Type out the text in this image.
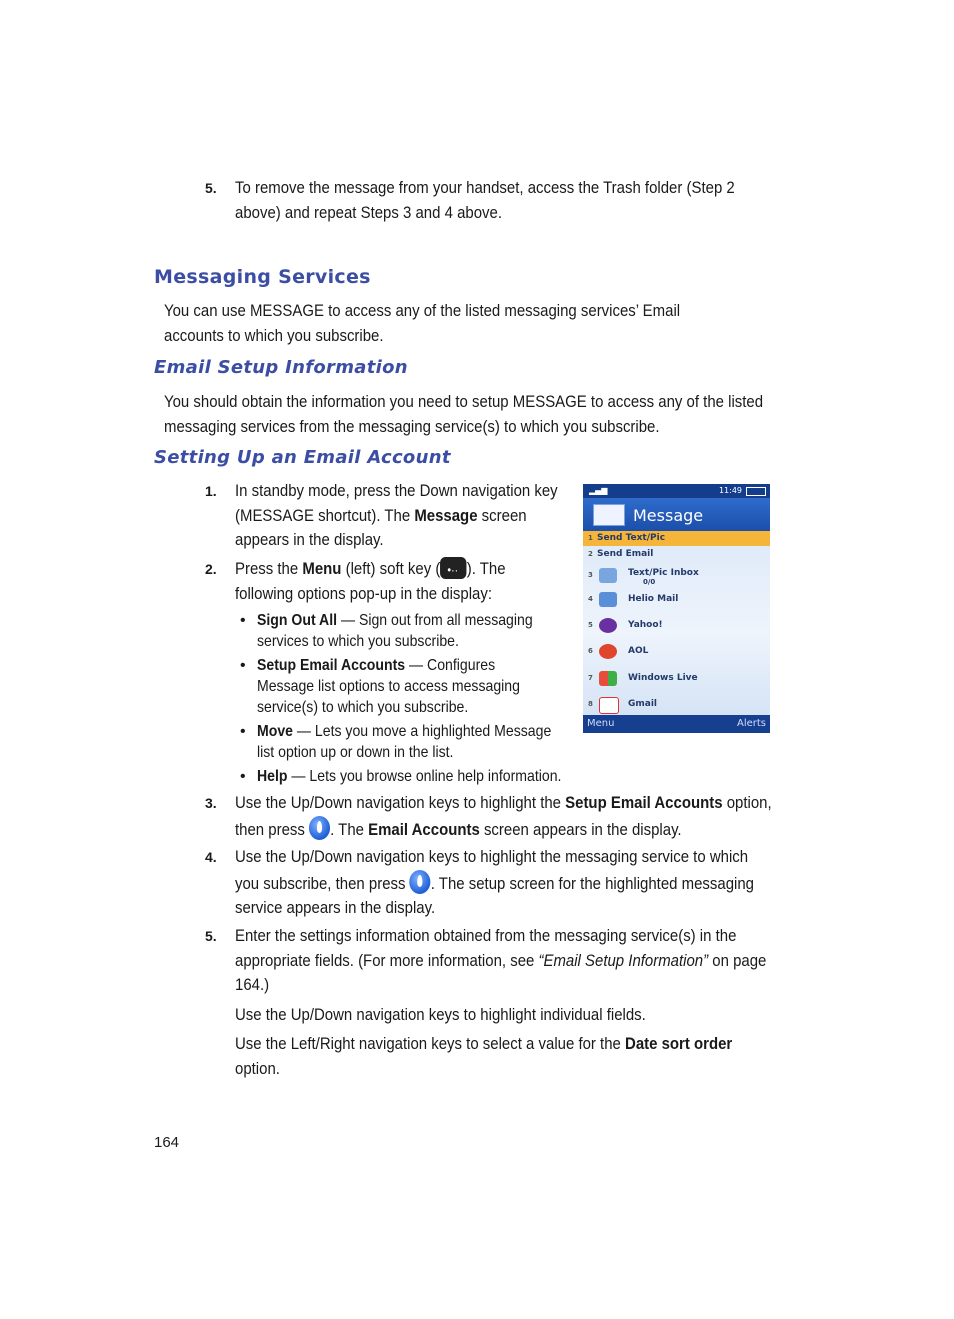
5. To remove the message from your handset, access the Trash folder (Step 2 above) and repeat Steps 3 and 4 above.
Messaging Services
You can use MESSAGE to access any of the listed messaging services’ Email accounts to which you subscribe.
Email Setup Information
You should obtain the information you need to setup MESSAGE to access any of the listed messaging services from the messaging service(s) to which you subscribe.
Setting Up an Email Account
1. In standby mode, press the Down navigation key (MESSAGE shortcut). The Message screen appears in the display.
2. Press the Menu (left) soft key (•·· ). The following options pop-up in the display:
• Sign Out All — Sign out from all messaging services to which you subscribe.
• Setup Email Accounts — Configures Message list options to access messaging service(s) to which you subscribe.
• Move — Lets you move a highlighted Message list option up or down in the list.
• Help — Lets you browse online help information.
3. Use the Up/Down navigation keys to highlight the Setup Email Accounts option, then press . The Email Accounts screen appears in the display.
4. Use the Up/Down navigation keys to highlight the messaging service to which you subscribe, then press . The setup screen for the highlighted messaging service appears in the display.
5. Enter the settings information obtained from the messaging service(s) in the appropriate fields. (For more information, see “Email Setup Information” on page 164.)
Use the Up/Down navigation keys to highlight individual fields.
Use the Left/Right navigation keys to select a value for the Date sort order option.
▂▄▆	11:49
Message
1 Send Text/Pic
2 Send Email
3	Text/Pic Inbox
0/0
4	Helio Mail
5	Yahoo!
6	AOL
7	Windows Live
8	Gmail
Menu	Alerts
164
